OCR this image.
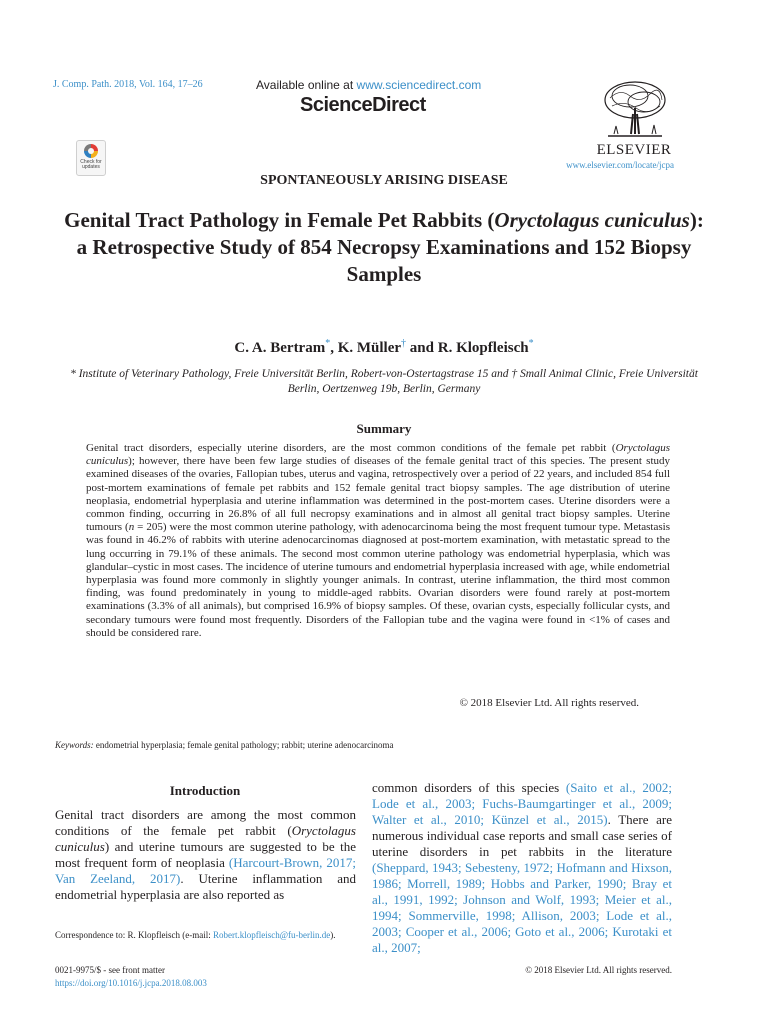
J. Comp. Path. 2018, Vol. 164, 17–26	Available online at www.sciencedirect.com
ScienceDirect
Check for updates
ELSEVIER
www.elsevier.com/locate/jcpa
SPONTANEOUSLY ARISING DISEASE
Genital Tract Pathology in Female Pet Rabbits (Oryctolagus cuniculus): a Retrospective Study of 854 Necropsy Examinations and 152 Biopsy Samples
C. A. Bertram*, K. Müller† and R. Klopfleisch*
* Institute of Veterinary Pathology, Freie Universität Berlin, Robert-von-Ostertagstrase 15 and † Small Animal Clinic, Freie Universität Berlin, Oertzenweg 19b, Berlin, Germany
Summary
Genital tract disorders, especially uterine disorders, are the most common conditions of the female pet rabbit (Oryctolagus cuniculus); however, there have been few large studies of diseases of the female genital tract of this species. The present study examined diseases of the ovaries, Fallopian tubes, uterus and vagina, retrospectively over a period of 22 years, and included 854 full post-mortem examinations of female pet rabbits and 152 female genital tract biopsy samples. The age distribution of uterine neoplasia, endometrial hyperplasia and uterine inflammation was determined in the post-mortem cases. Uterine disorders were a common finding, occurring in 26.8% of all full necropsy examinations and in almost all genital tract biopsy samples. Uterine tumours (n = 205) were the most common uterine pathology, with adenocarcinoma being the most frequent tumour type. Metastasis was found in 46.2% of rabbits with uterine adenocarcinomas diagnosed at post-mortem examination, with metastatic spread to the lung occurring in 79.1% of these animals. The second most common uterine pathology was endometrial hyperplasia, which was glandular–cystic in most cases. The incidence of uterine tumours and endometrial hyperplasia increased with age, while endometrial hyperplasia was found more commonly in slightly younger animals. In contrast, uterine inflammation, the third most common finding, was found predominately in young to middle-aged rabbits. Ovarian disorders were found rarely at post-mortem examinations (3.3% of all animals), but comprised 16.9% of biopsy samples. Of these, ovarian cysts, especially follicular cysts, and secondary tumours were found most frequently. Disorders of the Fallopian tube and the vagina were found in <1% of cases and should be considered rare.
© 2018 Elsevier Ltd. All rights reserved.
Keywords: endometrial hyperplasia; female genital pathology; rabbit; uterine adenocarcinoma
Introduction
Genital tract disorders are among the most common conditions of the female pet rabbit (Oryctolagus cuniculus) and uterine tumours are suggested to be the most frequent form of neoplasia (Harcourt-Brown, 2017; Van Zeeland, 2017). Uterine inflammation and endometrial hyperplasia are also reported as
common disorders of this species (Saito et al., 2002; Lode et al., 2003; Fuchs-Baumgartinger et al., 2009; Walter et al., 2010; Künzel et al., 2015). There are numerous individual case reports and small case series of uterine disorders in pet rabbits in the literature (Sheppard, 1943; Sebesteny, 1972; Hofmann and Hixson, 1986; Morrell, 1989; Hobbs and Parker, 1990; Bray et al., 1991, 1992; Johnson and Wolf, 1993; Meier et al., 1994; Sommerville, 1998; Allison, 2003; Lode et al., 2003; Cooper et al., 2006; Goto et al., 2006; Kurotaki et al., 2007;
Correspondence to: R. Klopfleisch (e-mail: Robert.klopfleisch@fu-berlin.de).
0021-9975/$ - see front matter
https://doi.org/10.1016/j.jcpa.2018.08.003
© 2018 Elsevier Ltd. All rights reserved.
